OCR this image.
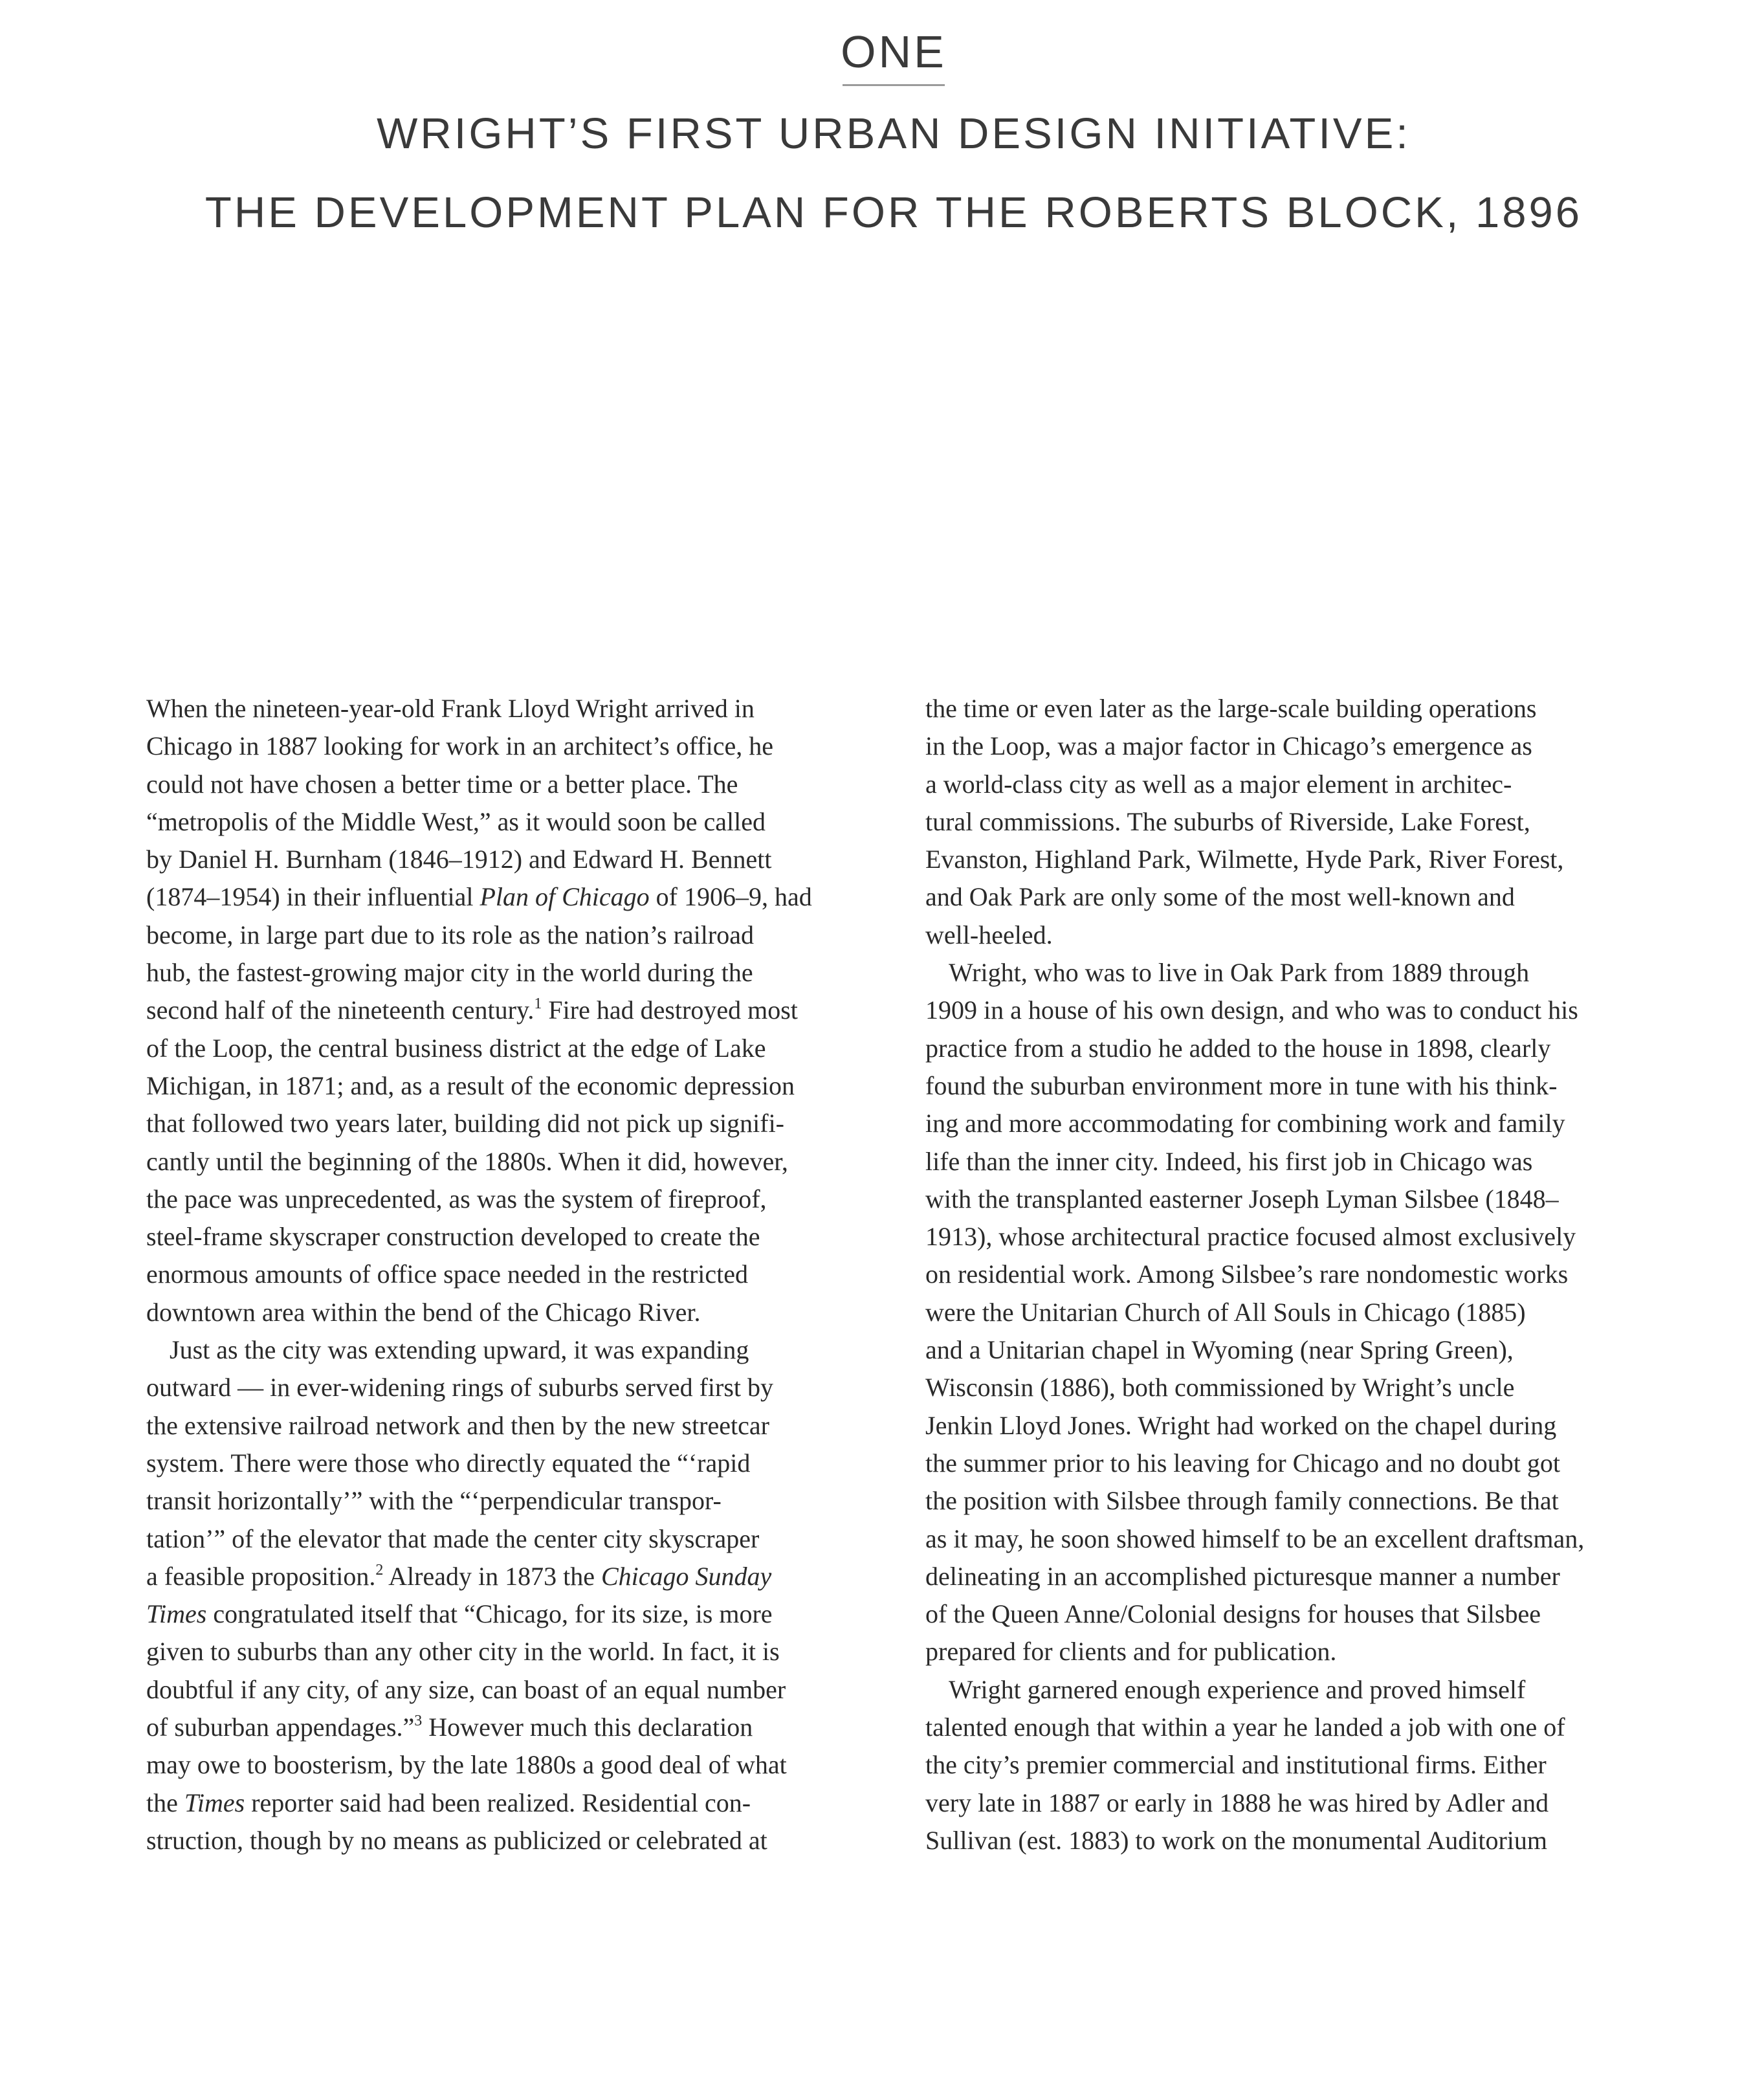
ONE
WRIGHT’S FIRST URBAN DESIGN INITIATIVE:
THE DEVELOPMENT PLAN FOR THE ROBERTS BLOCK, 1896
When the nineteen-year-old Frank Lloyd Wright arrived in
Chicago in 1887 looking for work in an architect’s office, he
could not have chosen a better time or a better place. The
“metropolis of the Middle West,” as it would soon be called
by Daniel H. Burnham (1846–1912) and Edward H. Bennett
(1874–1954) in their influential Plan of Chicago of 1906–9, had
become, in large part due to its role as the nation’s railroad
hub, the fastest-growing major city in the world during the
second half of the nineteenth century.$^1$ Fire had destroyed most
of the Loop, the central business district at the edge of Lake
Michigan, in 1871; and, as a result of the economic depression
that followed two years later, building did not pick up signifi-
cantly until the beginning of the 1880s. When it did, however,
the pace was unprecedented, as was the system of fireproof,
steel-frame skyscraper construction developed to create the
enormous amounts of office space needed in the restricted
downtown area within the bend of the Chicago River.
Just as the city was extending upward, it was expanding
outward — in ever-widening rings of suburbs served first by
the extensive railroad network and then by the new streetcar
system. There were those who directly equated the “‘rapid
transit horizontally’” with the “‘perpendicular transpor-
tation’” of the elevator that made the center city skyscraper
a feasible proposition.$^2$ Already in 1873 the Chicago Sunday
Times congratulated itself that “Chicago, for its size, is more
given to suburbs than any other city in the world. In fact, it is
doubtful if any city, of any size, can boast of an equal number
of suburban appendages.”$^3$ However much this declaration
may owe to boosterism, by the late 1880s a good deal of what
the Times reporter said had been realized. Residential con-
struction, though by no means as publicized or celebrated at
the time or even later as the large-scale building operations
in the Loop, was a major factor in Chicago’s emergence as
a world-class city as well as a major element in architec-
tural commissions. The suburbs of Riverside, Lake Forest,
Evanston, Highland Park, Wilmette, Hyde Park, River Forest,
and Oak Park are only some of the most well-known and
well-heeled.
Wright, who was to live in Oak Park from 1889 through
1909 in a house of his own design, and who was to conduct his
practice from a studio he added to the house in 1898, clearly
found the suburban environment more in tune with his think-
ing and more accommodating for combining work and family
life than the inner city. Indeed, his first job in Chicago was
with the transplanted easterner Joseph Lyman Silsbee (1848–
1913), whose architectural practice focused almost exclusively
on residential work. Among Silsbee’s rare nondomestic works
were the Unitarian Church of All Souls in Chicago (1885)
and a Unitarian chapel in Wyoming (near Spring Green),
Wisconsin (1886), both commissioned by Wright’s uncle
Jenkin Lloyd Jones. Wright had worked on the chapel during
the summer prior to his leaving for Chicago and no doubt got
the position with Silsbee through family connections. Be that
as it may, he soon showed himself to be an excellent draftsman,
delineating in an accomplished picturesque manner a number
of the Queen Anne/Colonial designs for houses that Silsbee
prepared for clients and for publication.
Wright garnered enough experience and proved himself
talented enough that within a year he landed a job with one of
the city’s premier commercial and institutional firms. Either
very late in 1887 or early in 1888 he was hired by Adler and
Sullivan (est. 1883) to work on the monumental Auditorium
